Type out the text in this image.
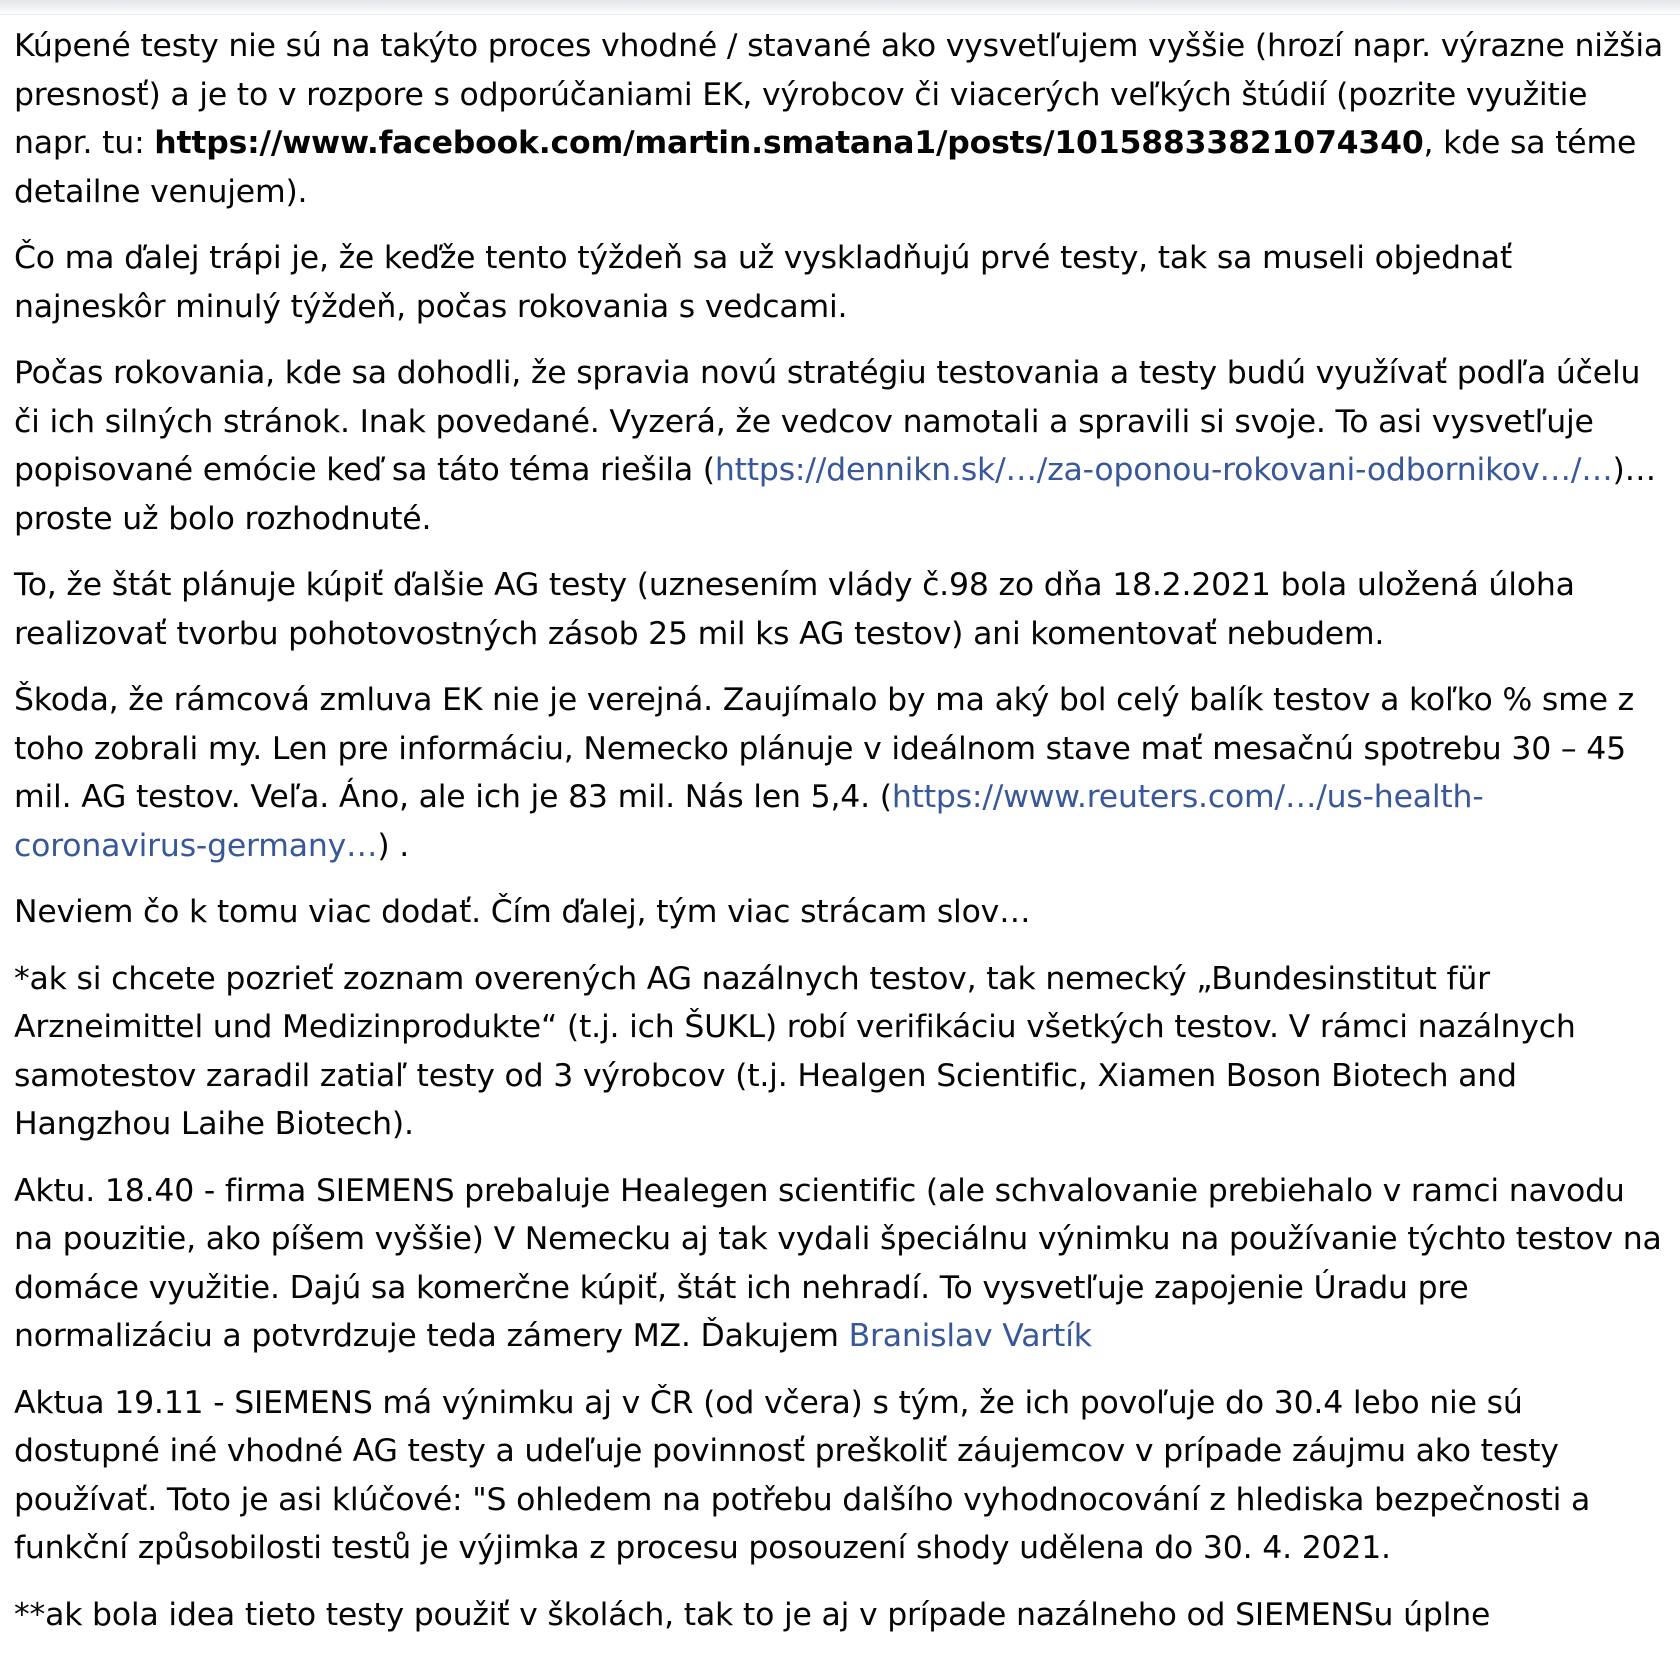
Kúpené testy nie sú na takýto proces vhodné / stavané ako vysvetľujem vyššie (hrozí napr. výrazne nižšia presnosť) a je to v rozpore s odporúčaniami EK, výrobcov či viacerých veľkých štúdií (pozrite využitie napr. tu: https://www.facebook.com/martin.smatana1/posts/10158833821074340, kde sa téme detailne venujem).

Čo ma ďalej trápi je, že keďže tento týždeň sa už vyskladňujú prvé testy, tak sa museli objednať najneskôr minulý týždeň, počas rokovania s vedcami.

Počas rokovania, kde sa dohodli, že spravia novú stratégiu testovania a testy budú využívať podľa účelu či ich silných stránok. Inak povedané. Vyzerá, že vedcov namotali a spravili si svoje. To asi vysvetľuje popisované emócie keď sa táto téma riešila (https://dennikn.sk/…/za-oponou-rokovani-odbornikov…/…)… proste už bolo rozhodnuté.

To, že štát plánuje kúpiť ďalšie AG testy (uznesením vlády č.98 zo dňa 18.2.2021 bola uložená úloha realizovať tvorbu pohotovostných zásob 25 mil ks AG testov) ani komentovať nebudem.

Škoda, že rámcová zmluva EK nie je verejná. Zaujímalo by ma aký bol celý balík testov a koľko % sme z toho zobrali my. Len pre informáciu, Nemecko plánuje v ideálnom stave mať mesačnú spotrebu 30 – 45 mil. AG testov. Veľa. Áno, ale ich je 83 mil. Nás len 5,4. (https://www.reuters.com/…/us-health-coronavirus-germany…) .

Neviem čo k tomu viac dodať. Čím ďalej, tým viac strácam slov…

*ak si chcete pozrieť zoznam overených AG nazálnych testov, tak nemecký „Bundesinstitut für Arzneimittel und Medizinprodukte“ (t.j. ich ŠUKL) robí verifikáciu všetkých testov. V rámci nazálnych samotestov zaradil zatiaľ testy od 3 výrobcov (t.j. Healgen Scientific, Xiamen Boson Biotech and Hangzhou Laihe Biotech).

Aktu. 18.40 - firma SIEMENS prebaluje Healegen scientific (ale schvalovanie prebiehalo v ramci navodu na pouzitie, ako píšem vyššie) V Nemecku aj tak vydali špeciálnu výnimku na používanie týchto testov na domáce využitie. Dajú sa komerčne kúpiť, štát ich nehradí. To vysvetľuje zapojenie Úradu pre normalizáciu a potvrdzuje teda zámery MZ. Ďakujem Branislav Vartík

Aktua 19.11 - SIEMENS má výnimku aj v ČR (od včera) s tým, že ich povoľuje do 30.4 lebo nie sú dostupné iné vhodné AG testy a udeľuje povinnosť preškoliť záujemcov v prípade záujmu ako testy používať. Toto je asi klúčové: "S ohledem na potřebu dalšího vyhodnocování z hlediska bezpečnosti a funkční způsobilosti testů je výjimka z procesu posouzení shody udělena do 30. 4. 2021.

**ak bola idea tieto testy použiť v školách, tak to je aj v prípade nazálneho od SIEMENSu úplne
